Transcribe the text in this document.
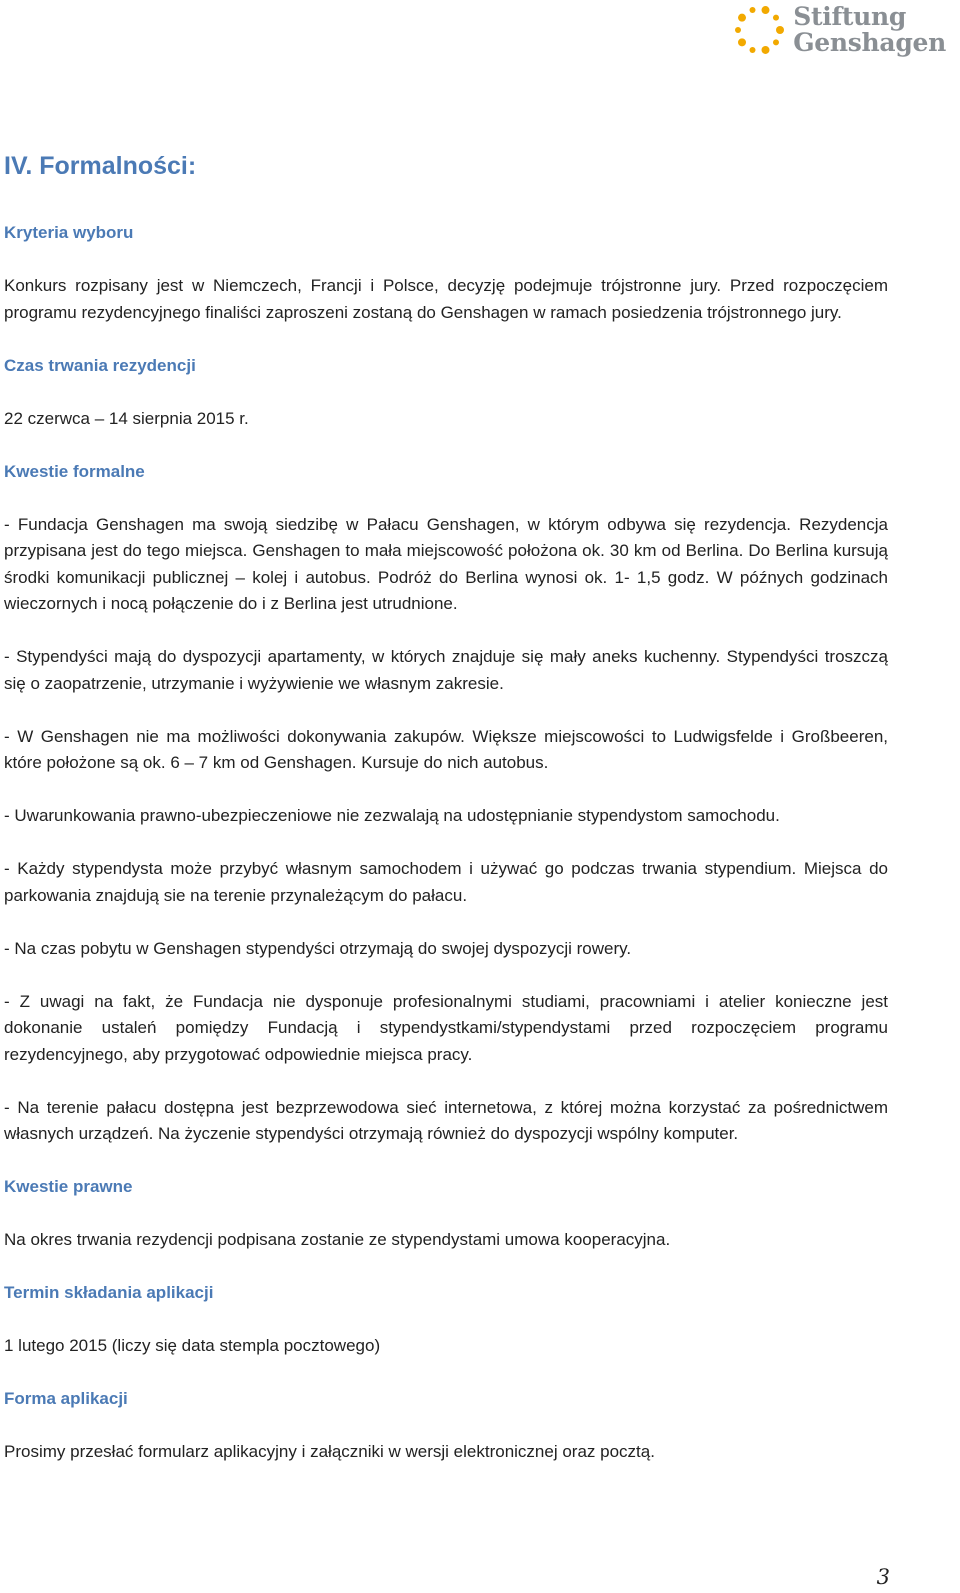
Stiftung
Genshagen
IV. Formalności:
Kryteria wyboru

Konkurs rozpisany jest w Niemczech, Francji i Polsce, decyzję podejmuje trójstronne jury. Przed rozpoczęciem programu rezydencyjnego finaliści zaproszeni zostaną do Genshagen w ramach posiedzenia trójstronnego jury.

Czas trwania rezydencji

22 czerwca – 14 sierpnia 2015 r.

Kwestie formalne

- Fundacja Genshagen ma swoją siedzibę w Pałacu Genshagen, w którym odbywa się rezydencja. Rezydencja przypisana jest do tego miejsca. Genshagen to mała miejscowość położona ok. 30 km od Berlina. Do Berlina kursują środki komunikacji publicznej – kolej i autobus. Podróż do Berlina wynosi ok. 1- 1,5 godz. W późnych godzinach wieczornych i nocą połączenie do i z Berlina jest utrudnione.

- Stypendyści mają do dyspozycji apartamenty, w których znajduje się mały aneks kuchenny. Stypendyści troszczą się o zaopatrzenie, utrzymanie i wyżywienie we własnym zakresie.

- W Genshagen nie ma możliwości dokonywania zakupów. Większe miejscowości to Ludwigsfelde i Großbeeren, które położone są ok. 6 – 7 km od Genshagen. Kursuje do nich autobus.

- Uwarunkowania prawno-ubezpieczeniowe nie zezwalają na udostępnianie stypendystom samochodu.

- Każdy stypendysta może przybyć własnym samochodem i używać go podczas trwania stypendium. Miejsca do parkowania znajdują sie na terenie przynależącym do pałacu.

- Na czas pobytu w Genshagen stypendyści otrzymają do swojej dyspozycji rowery.

- Z uwagi na fakt, że Fundacja nie dysponuje profesionalnymi studiami, pracowniami i atelier konieczne jest dokonanie ustaleń pomiędzy Fundacją i stypendystkami/stypendystami przed rozpoczęciem programu rezydencyjnego, aby przygotować odpowiednie miejsca pracy.

- Na terenie pałacu dostępna jest bezprzewodowa sieć internetowa, z której można korzystać za pośrednictwem własnych urządzeń. Na życzenie stypendyści otrzymają również do dyspozycji wspólny komputer.

Kwestie prawne

Na okres trwania rezydencji podpisana zostanie ze stypendystami umowa kooperacyjna.

Termin składania aplikacji

1 lutego 2015 (liczy się data stempla pocztowego)

Forma aplikacji

Prosimy przesłać formularz aplikacyjny i załączniki w wersji elektronicznej oraz pocztą.

3
